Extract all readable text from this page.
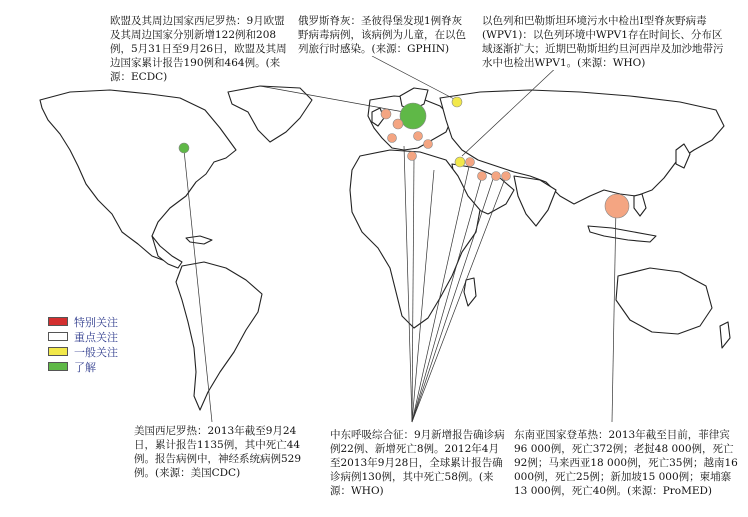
欧盟及其周边国家西尼罗热：9月欧盟及其周边国家分别新增122例和208例，5月31日至9月26日，欧盟及其周边国家累计报告190例和464例。(来源：ECDC)

俄罗斯脊灰：圣彼得堡发现1例脊灰野病毒病例，该病例为儿童，在以色列旅行时感染。(来源：GPHIN)

以色列和巴勒斯坦环境污水中检出Ⅰ型脊灰野病毒(WPV1)：以色列环境中WPV1存在时间长、分布区域逐渐扩大；近期巴勒斯坦约旦河西岸及加沙地带污水中也检出WPV1。(来源：WHO)

美国西尼罗热：2013年截至9月24日，累计报告1135例，其中死亡44例。报告病例中，神经系统病例529例。(来源：美国CDC)

中东呼吸综合征：9月新增报告确诊病例22例、新增死亡8例。2012年4月至2013年9月28日，全球累计报告确诊病例130例，其中死亡58例。(来源：WHO)

东南亚国家登革热：2013年截至目前，菲律宾96 000例，死亡372例；老挝48 000例，死亡92例；马来西亚18 000例，死亡35例；越南16 000例，死亡25例；新加坡15 000例；柬埔寨13 000例，死亡40例。(来源：ProMED)

特别关注
重点关注
一般关注
了解
